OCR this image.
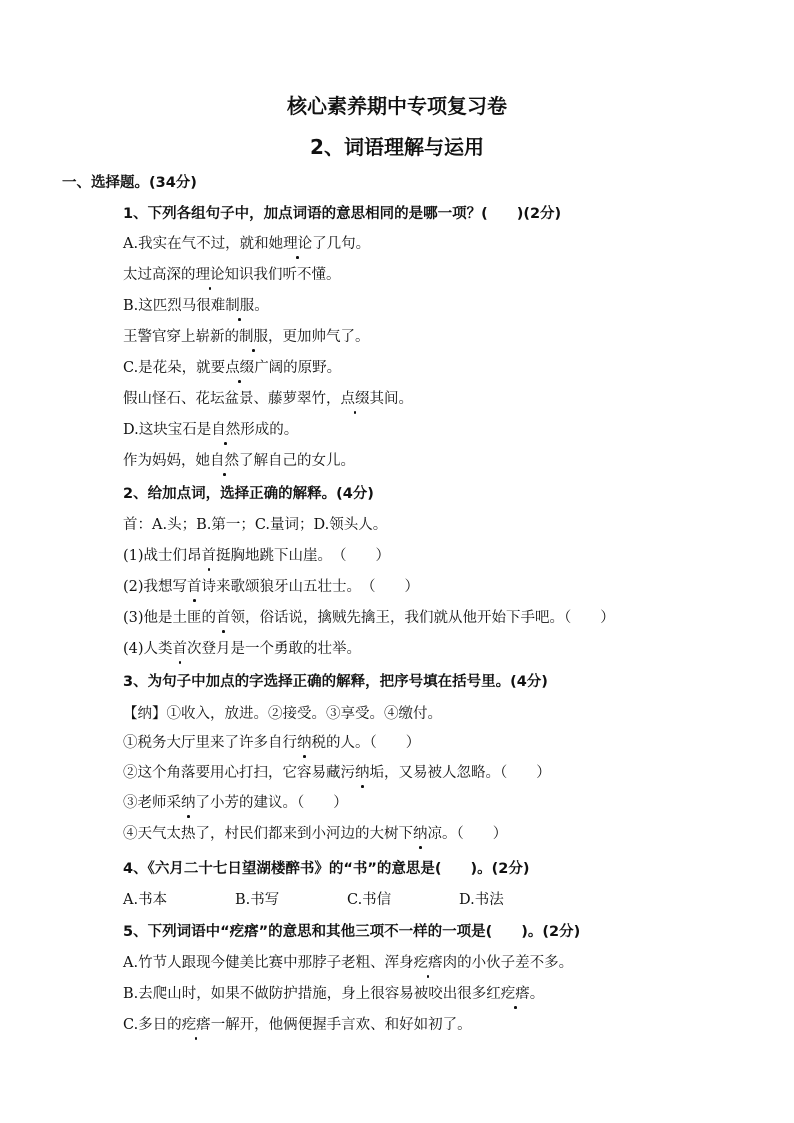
核心素养期中专项复习卷
2、词语理解与运用
一、选择题。(34分)
1、下列各组句子中，加点词语的意思相同的是哪一项？(　　)(2分)
A.我实在气不过，就和她理论了几句。
太过高深的理论知识我们听不懂。
B.这匹烈马很难制服。
王警官穿上崭新的制服，更加帅气了。
C.是花朵，就要点缀广阔的原野。
假山怪石、花坛盆景、藤萝翠竹，点缀其间。
D.这块宝石是自然形成的。
作为妈妈，她自然了解自己的女儿。
2、给加点词，选择正确的解释。(4分)
首：A.头；B.第一；C.量词；D.领头人。
(1)战士们昂首挺胸地跳下山崖。　（　　）
(2)我想写首诗来歌颂狼牙山五壮士。　（　　）
(3)他是土匪的首领，俗话说，擒贼先擒王，我们就从他开始下手吧。（　　）
(4)人类首次登月是一个勇敢的壮举。
3、为句子中加点的字选择正确的解释，把序号填在括号里。(4分)
【纳】①收入，放进。②接受。③享受。④缴付。
①税务大厅里来了许多自行纳税的人。（　　）
②这个角落要用心打扫，它容易藏污纳垢，又易被人忽略。（　　）
③老师采纳了小芳的建议。（　　）
④天气太热了，村民们都来到小河边的大树下纳凉。（　　）
4、《六月二十七日望湖楼醉书》的“书”的意思是(　　)。(2分)
A.书本	B.书写	C.书信	D.书法
5、下列词语中“疙瘩”的意思和其他三项不一样的一项是(　　)。(2分)
A.竹节人跟现今健美比赛中那脖子老粗、浑身疙瘩肉的小伙子差不多。
B.去爬山时，如果不做防护措施，身上很容易被咬出很多红疙瘩。
C.多日的疙瘩一解开，他俩便握手言欢、和好如初了。
